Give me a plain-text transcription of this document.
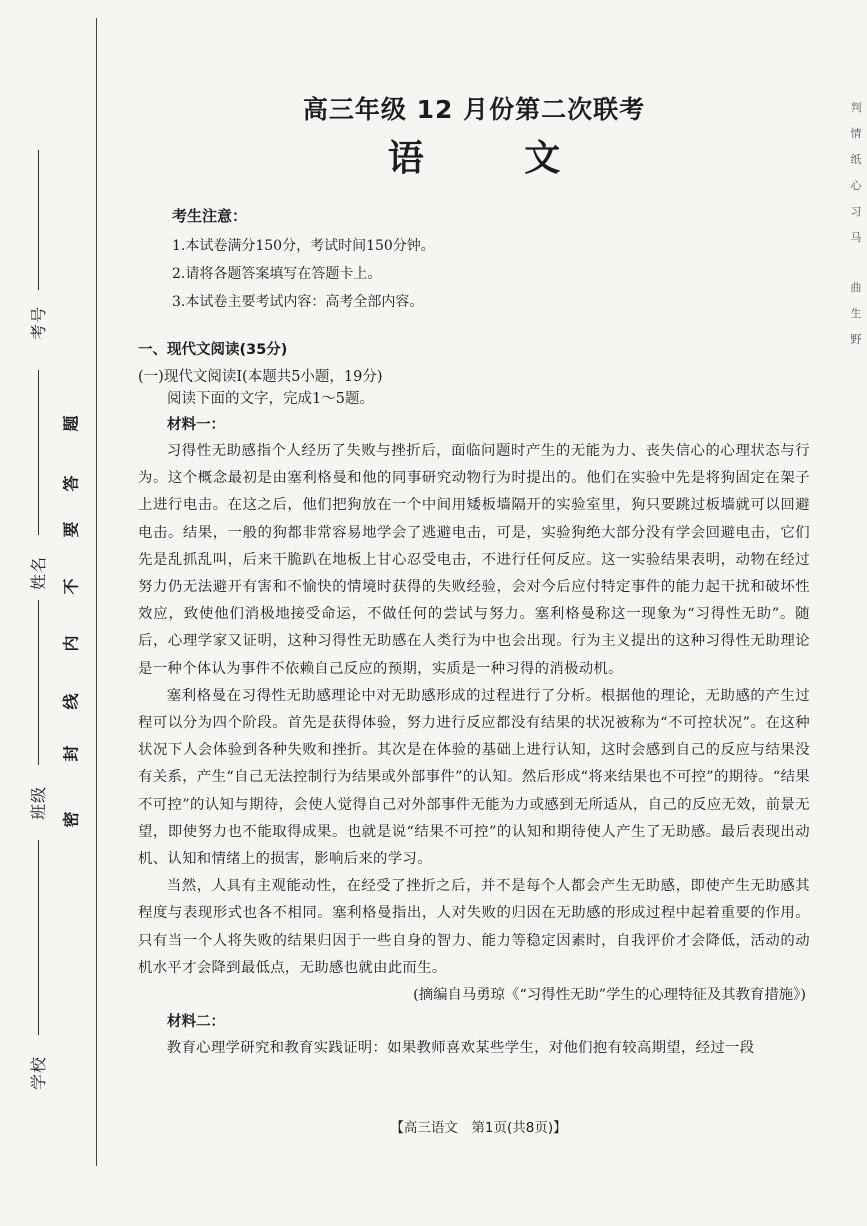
考号
姓名
班级
学校
密
封
线
内
不
要
答
题
判
情
纸
心
习
马
曲
生
野
高三年级 12 月份第二次联考
语 文
考生注意：
1.本试卷满分150分，考试时间150分钟。
2.请将各题答案填写在答题卡上。
3.本试卷主要考试内容：高考全部内容。
一、现代文阅读(35分)
(一)现代文阅读Ⅰ(本题共5小题，19分)
阅读下面的文字，完成1～5题。
材料一：

习得性无助感指个人经历了失败与挫折后，面临问题时产生的无能为力、丧失信心的心理状态与行为。这个概念最初是由塞利格曼和他的同事研究动物行为时提出的。他们在实验中先是将狗固定在架子上进行电击。在这之后，他们把狗放在一个中间用矮板墙隔开的实验室里，狗只要跳过板墙就可以回避电击。结果，一般的狗都非常容易地学会了逃避电击，可是，实验狗绝大部分没有学会回避电击，它们先是乱抓乱叫，后来干脆趴在地板上甘心忍受电击，不进行任何反应。这一实验结果表明，动物在经过努力仍无法避开有害和不愉快的情境时获得的失败经验，会对今后应付特定事件的能力起干扰和破坏性效应，致使他们消极地接受命运，不做任何的尝试与努力。塞利格曼称这一现象为“习得性无助”。随后，心理学家又证明，这种习得性无助感在人类行为中也会出现。行为主义提出的这种习得性无助理论是一种个体认为事件不依赖自己反应的预期，实质是一种习得的消极动机。

塞利格曼在习得性无助感理论中对无助感形成的过程进行了分析。根据他的理论，无助感的产生过程可以分为四个阶段。首先是获得体验，努力进行反应都没有结果的状况被称为“不可控状况”。在这种状况下人会体验到各种失败和挫折。其次是在体验的基础上进行认知，这时会感到自己的反应与结果没有关系，产生“自己无法控制行为结果或外部事件”的认知。然后形成“将来结果也不可控”的期待。“结果不可控”的认知与期待，会使人觉得自己对外部事件无能为力或感到无所适从，自己的反应无效，前景无望，即使努力也不能取得成果。也就是说“结果不可控”的认知和期待使人产生了无助感。最后表现出动机、认知和情绪上的损害，影响后来的学习。

当然，人具有主观能动性，在经受了挫折之后，并不是每个人都会产生无助感，即使产生无助感其程度与表现形式也各不相同。塞利格曼指出，人对失败的归因在无助感的形成过程中起着重要的作用。只有当一个人将失败的结果归因于一些自身的智力、能力等稳定因素时，自我评价才会降低，活动的动机水平才会降到最低点，无助感也就由此而生。

(摘编自马勇琼《“习得性无助”学生的心理特征及其教育措施》)
材料二：

教育心理学研究和教育实践证明：如果教师喜欢某些学生，对他们抱有较高期望，经过一段

【高三语文　第1页(共8页)】
